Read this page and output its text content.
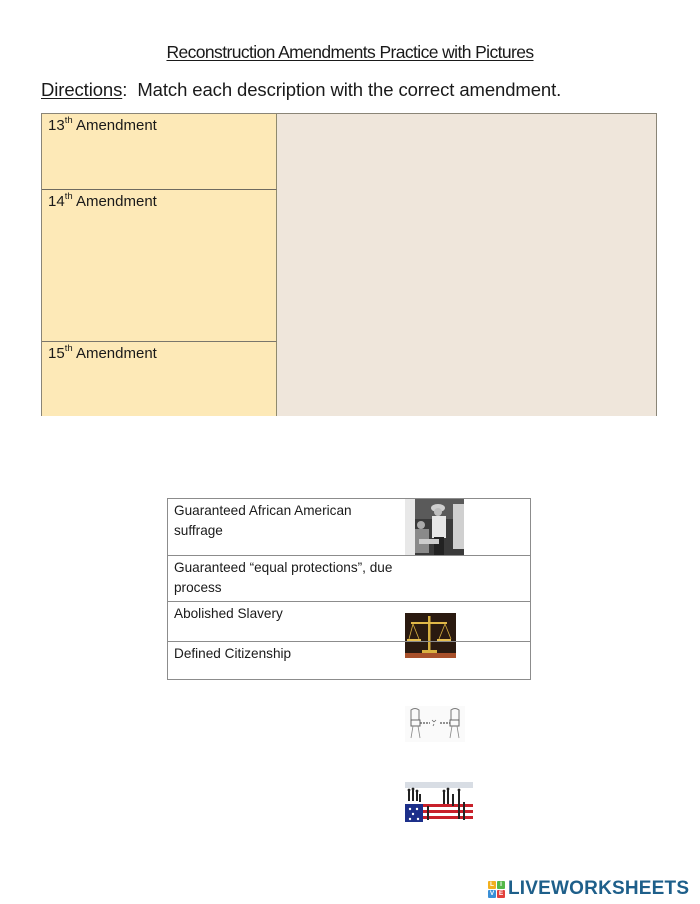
Reconstruction Amendments Practice with Pictures
Directions:  Match each description with the correct amendment.
13th Amendment
14th Amendment
15th Amendment
Guaranteed African American suffrage
Guaranteed “equal protections”, due process
Abolished Slavery
Defined Citizenship
L I
V E LIVEWORKSHEETS
